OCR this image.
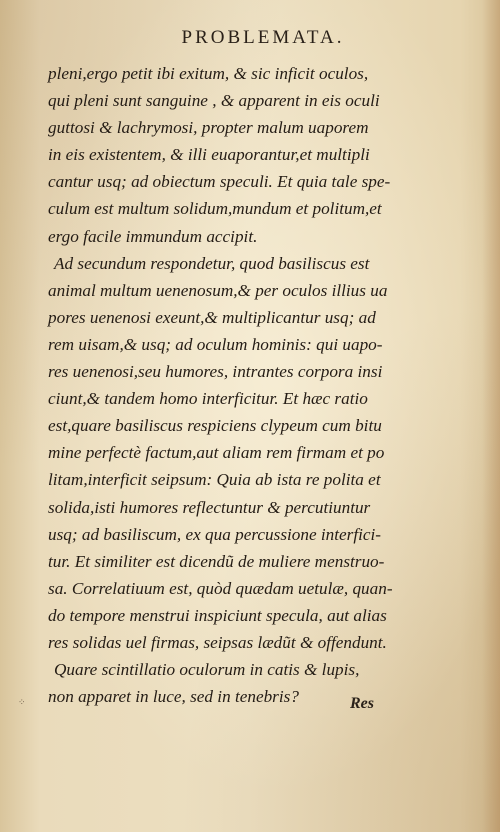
PROBLEMATA.
pleni,ergo petit ibi exitum, & sic inficit oculos,
qui pleni sunt sanguine , & apparent in eis oculi
guttosi & lachrymosi, propter malum uaporem
in eis existentem, & illi euaporantur,et multipli
cantur usq; ad obiectum speculi. Et quia tale spe-
culum est multum solidum,mundum et politum,et
ergo facile immundum accipit.
Ad secundum respondetur, quod basiliscus est
animal multum uenenosum,& per oculos illius ua
pores uenenosi exeunt,& multiplicantur usq; ad
rem uisam,& usq; ad oculum hominis: qui uapo-
res uenenosi,seu humores, intrantes corpora insi
ciunt,& tandem homo interficitur. Et hæc ratio
est,quare basiliscus respiciens clypeum cum bitu
mine perfectè factum,aut aliam rem firmam et po
litam,interficit seipsum: Quia ab ista re polita et
solida,isti humores reflectuntur & percutiuntur
usq; ad basiliscum, ex qua percussione interfici-
tur. Et similiter est dicendũ de muliere menstruo-
sa. Correlatiuum est, quòd quædam uetulæ, quan-
do tempore menstrui inspiciunt specula, aut alias
res solidas uel firmas, seipsas lædũt & offendunt.
Quare scintillatio oculorum in catis & lupis,
non apparet in luce, sed in tenebris?
⁘	Res
